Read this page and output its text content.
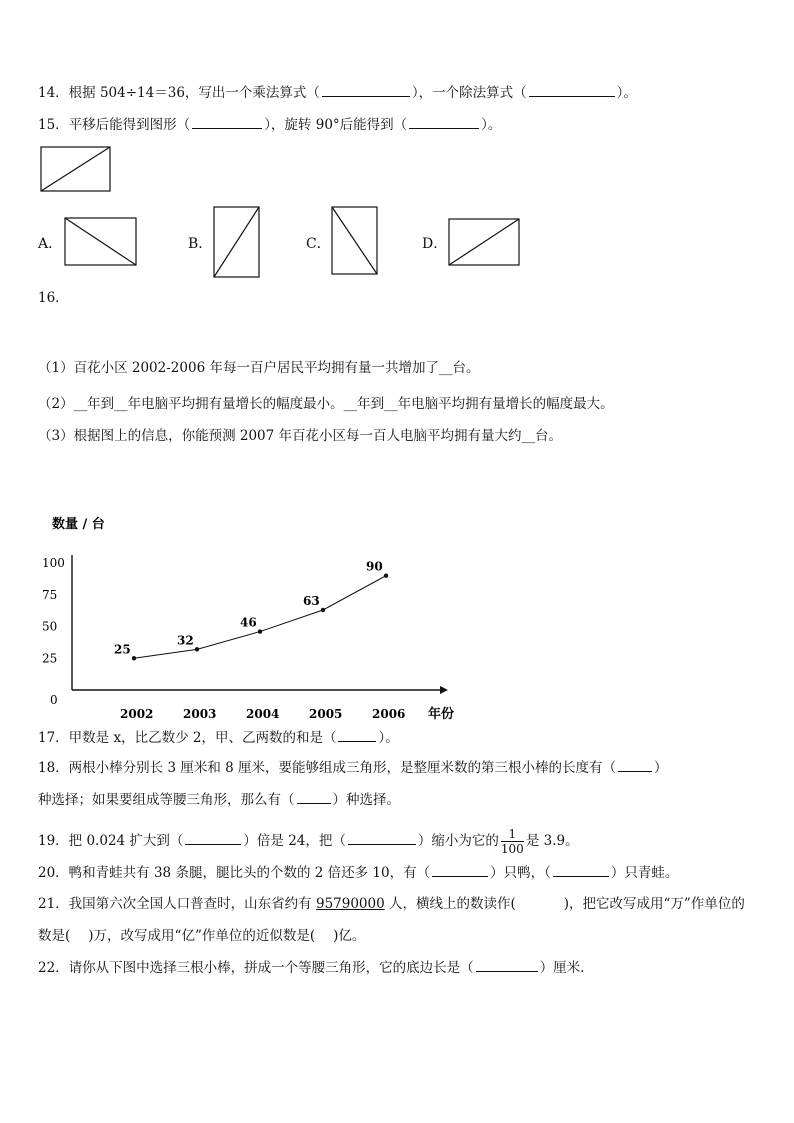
14．根据 504÷14＝36，写出一个乘法算式（	），一个除法算式（	）。
15．平移后能得到图形（	），旋转 90°后能得到（	）。
A．	B．	C．	D．
16．
（1）百花小区 2002-2006 年每一百户居民平均拥有量一共增加了__台。
（2）__年到__年电脑平均拥有量增长的幅度最小。__年到__年电脑平均拥有量增长的幅度最大。
（3）根据图上的信息，你能预测 2007 年百花小区每一百人电脑平均拥有量大约__台。
数量 / 台
年份
0
25
50
75
100
2002 2003 2004 2005 2006
25
32
46
63
90
17．甲数是 x，比乙数少 2，甲、乙两数的和是（	）。
18．两根小棒分别长 3 厘米和 8 厘米，要能够组成三角形，是整厘米数的第三根小棒的长度有（	）
种选择；如果要组成等腰三角形，那么有（	）种选择。
19．把 0.024 扩大到（	）倍是 24，把（	）缩小为它的 $\frac{1}{100}$ 是 3.9。
20．鸭和青蛙共有 38 条腿，腿比头的个数的 2 倍还多 10，有（	）只鸭，（	）只青蛙。
21．我国第六次全国人口普查时，山东省约有 95790000 人，横线上的数读作(	)，把它改写成用“万”作单位的
数是( )万，改写成用“亿”作单位的近似数是( )亿。
22．请你从下图中选择三根小棒，拼成一个等腰三角形，它的底边长是（	）厘米.
